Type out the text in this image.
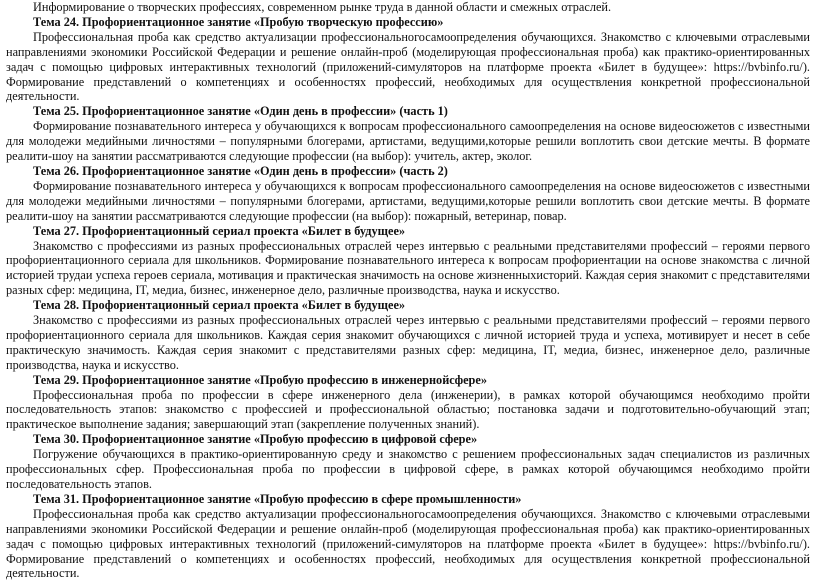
Информирование о творческих профессиях, современном рынке труда в данной области и смежных отраслей.

Тема 24. Профориентационное занятие «Пробую творческую профессию»

Профессиональная проба как средство актуализации профессиональногосамоопределения обучающихся. Знакомство с ключевыми отраслевыми направлениями экономики Российской Федерации и решение онлайн-проб (моделирующая профессиональная проба) как практико-ориентированных задач с помощью цифровых интерактивных технологий (приложений-симуляторов на платформе проекта «Билет в будущее»: https://bvbinfo.ru/). Формирование представлений о компетенциях и особенностях профессий, необходимых для осуществления конкретной профессиональной деятельности.

Тема 25. Профориентационное занятие «Один день в профессии» (часть 1)

Формирование познавательного интереса у обучающихся к вопросам профессионального самоопределения на основе видеосюжетов с известными для молодежи медийными личностями – популярными блогерами, артистами, ведущими,которые решили воплотить свои детские мечты. В формате реалити-шоу на занятии рассматриваются следующие профессии (на выбор): учитель, актер, эколог.

Тема 26. Профориентационное занятие «Один день в профессии» (часть 2)

Формирование познавательного интереса у обучающихся к вопросам профессионального самоопределения на основе видеосюжетов с известными для молодежи медийными личностями – популярными блогерами, артистами, ведущими,которые решили воплотить свои детские мечты. В формате реалити-шоу на занятии рассматриваются следующие профессии (на выбор): пожарный, ветеринар, повар.

Тема 27. Профориентационный сериал проекта «Билет в будущее»

Знакомство с профессиями из разных профессиональных отраслей через интервью с реальными представителями профессий – героями первого профориентационного сериала для школьников. Формирование познавательного интереса к вопросам профориентации на основе знакомства с личной историей трудаи успеха героев сериала, мотивация и практическая значимость на основе жизненныхисторий. Каждая серия знакомит с представителями разных сфер: медицина, IT, медиа, бизнес, инженерное дело, различные производства, наука и искусство.

Тема 28. Профориентационный сериал проекта «Билет в будущее»

Знакомство с профессиями из разных профессиональных отраслей через интервью с реальными представителями профессий – героями первого профориентационного сериала для школьников. Каждая серия знакомит обучающихся с личной историей труда и успеха, мотивирует и несет в себе практическую значимость. Каждая серия знакомит с представителями разных сфер: медицина, IT, медиа, бизнес, инженерное дело, различные производства, наука и искусство.

Тема 29. Профориентационное занятие «Пробую профессию в инженернойсфере»

Профессиональная проба по профессии в сфере инженерного дела (инженерии), в рамках которой обучающимся необходимо пройти последовательность этапов: знакомство с профессией и профессиональной областью; постановка задачи и подготовительно-обучающий этап; практическое выполнение задания; завершающий этап (закрепление полученных знаний).

Тема 30. Профориентационное занятие «Пробую профессию в цифровой сфере»

Погружение обучающихся в практико-ориентированную среду и знакомство с решением профессиональных задач специалистов из различных профессиональных сфер. Профессиональная проба по профессии в цифровой сфере, в рамках которой обучающимся необходимо пройти последовательность этапов.

Тема 31. Профориентационное занятие «Пробую профессию в сфере промышленности»

Профессиональная проба как средство актуализации профессиональногосамоопределения обучающихся. Знакомство с ключевыми отраслевыми направлениями экономики Российской Федерации и решение онлайн-проб (моделирующая профессиональная проба) как практико-ориентированных задач с помощью цифровых интерактивных технологий (приложений-симуляторов на платформе проекта «Билет в будущее»: https://bvbinfo.ru/). Формирование представлений о компетенциях и особенностях профессий, необходимых для осуществления конкретной профессиональной деятельности.
